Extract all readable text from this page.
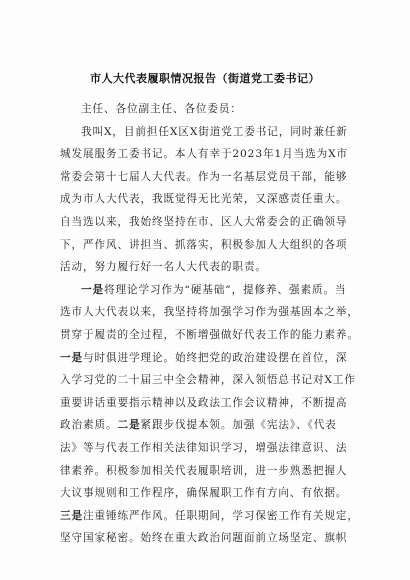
市人大代表履职情况报告（街道党工委书记）
主任、各位副主任、各位委员：
我叫X，目前担任X区X街道党工委书记，同时兼任新
城发展服务工委书记。本人有幸于2023年1月当选为X市
常委会第十七届人大代表。作为一名基层党员干部，能够
成为市人大代表，我既觉得无比光荣，又深感责任重大。
自当选以来，我始终坚持在市、区人大常委会的正确领导
下，严作风、讲担当、抓落实，积极参加人大组织的各项
活动，努力履行好一名人大代表的职责。
一是将理论学习作为“硬基础”，提修养、强素质。当
选市人大代表以来，我坚持将加强学习作为强基固本之举，
贯穿于履责的全过程，不断增强做好代表工作的能力素养。
一是与时俱进学理论。始终把党的政治建设摆在首位，深
入学习党的二十届三中全会精神，深入领悟总书记对X工作
重要讲话重要指示精神以及政法工作会议精神，不断提高
政治素质。二是紧跟步伐提本领。加强《宪法》、《代表
法》等与代表工作相关法律知识学习，增强法律意识、法
律素养。积极参加相关代表履职培训，进一步熟悉把握人
大议事规则和工作程序，确保履职工作有方向、有依据。
三是注重锤练严作风。任职期间，学习保密工作有关规定，
坚守国家秘密。始终在重大政治问题面前立场坚定、旗帜
